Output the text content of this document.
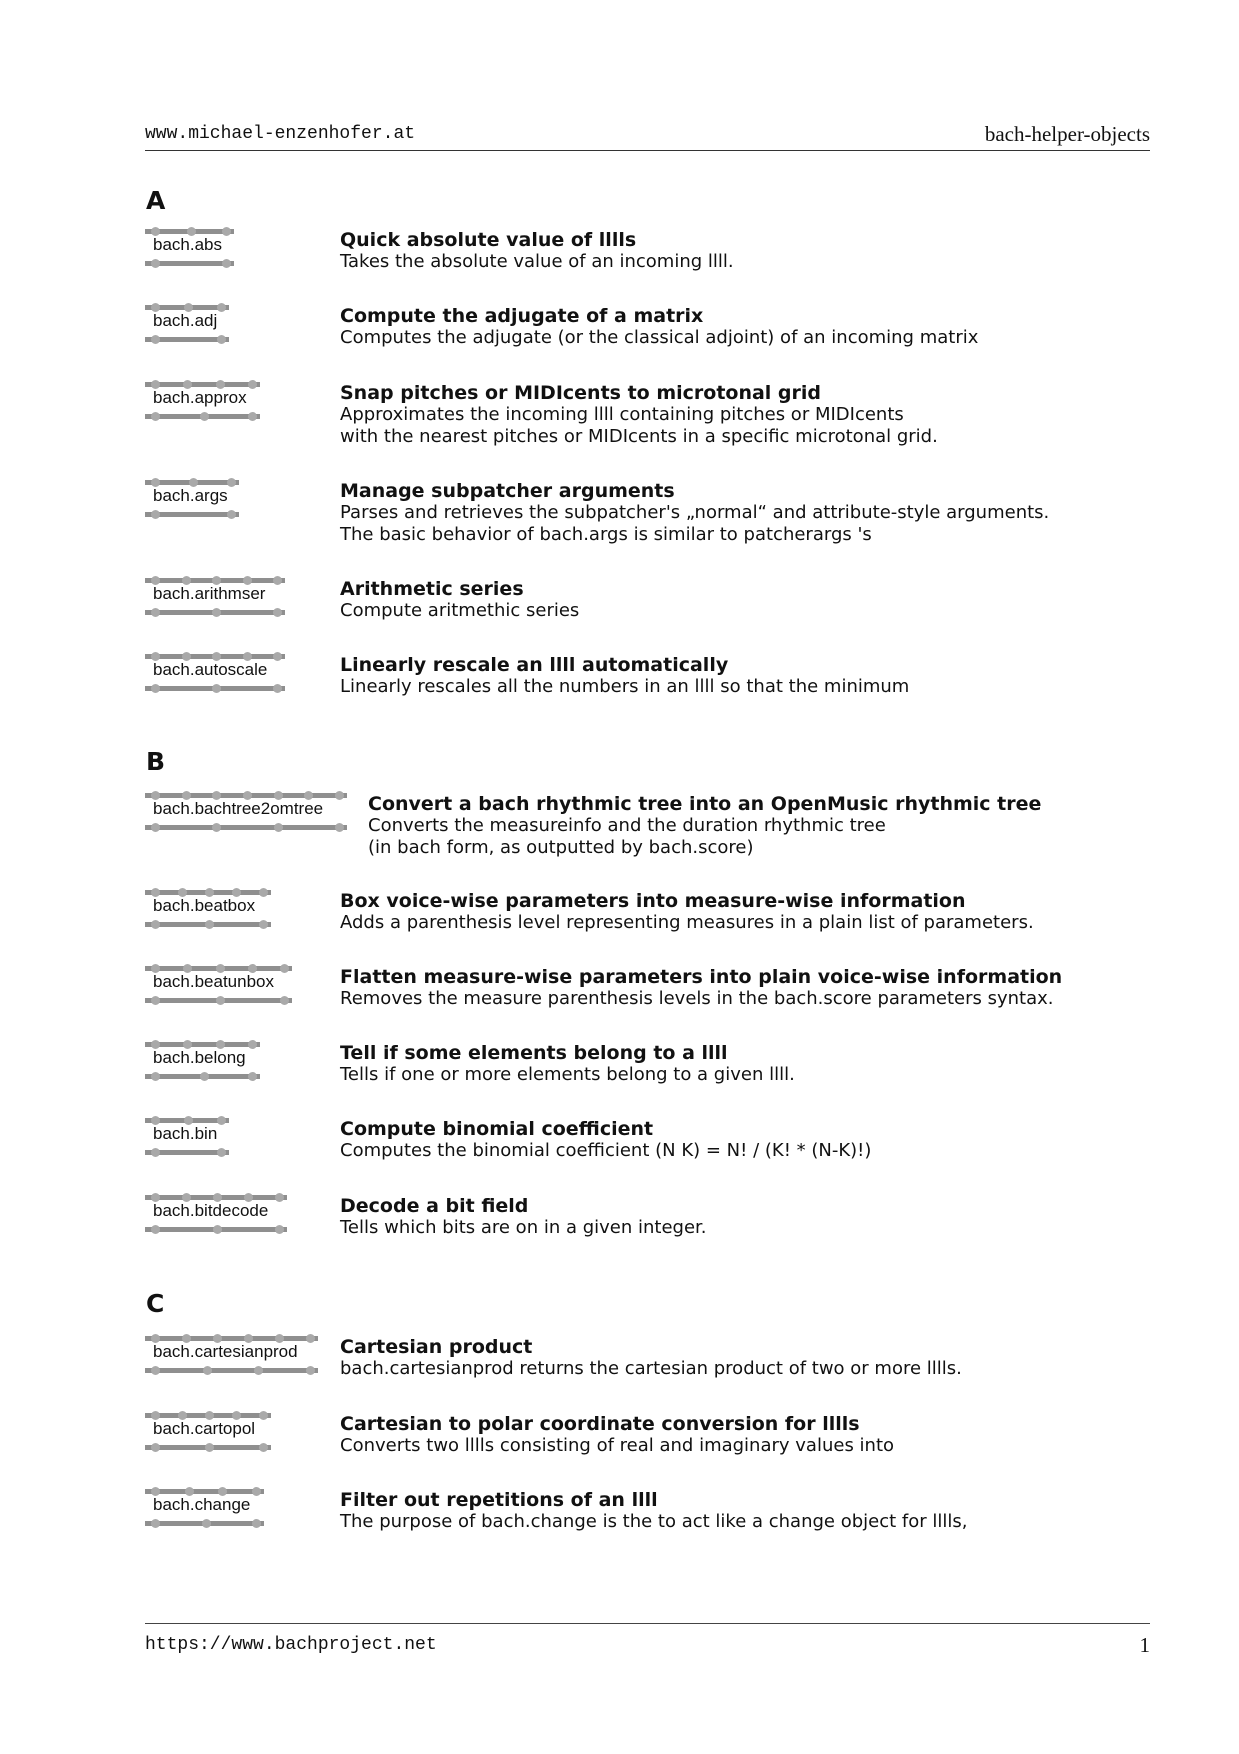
www.michael-enzenhofer.at	bach-helper-objects
A
bach.abs	Quick absolute value of lllls
Takes the absolute value of an incoming llll.
bach.adj	Compute the adjugate of a matrix
Computes the adjugate (or the classical adjoint) of an incoming matrix
bach.approx	Snap pitches or MIDIcents to microtonal grid
Approximates the incoming llll containing pitches or MIDIcents
with the nearest pitches or MIDIcents in a specific microtonal grid.
bach.args	Manage subpatcher arguments
Parses and retrieves the subpatcher's „normal“ and attribute-style arguments.
The basic behavior of bach.args is similar to patcherargs 's
bach.arithmser	Arithmetic series
Compute aritmethic series
bach.autoscale	Linearly rescale an llll automatically
Linearly rescales all the numbers in an llll so that the minimum
B
bach.bachtree2omtree Convert a bach rhythmic tree into an OpenMusic rhythmic tree
Converts the measureinfo and the duration rhythmic tree
(in bach form, as outputted by bach.score)
bach.beatbox	Box voice-wise parameters into measure-wise information
Adds a parenthesis level representing measures in a plain list of parameters.
bach.beatunbox	Flatten measure-wise parameters into plain voice-wise information
Removes the measure parenthesis levels in the bach.score parameters syntax.
bach.belong	Tell if some elements belong to a llll
Tells if one or more elements belong to a given llll.
bach.bin	Compute binomial coefficient
Computes the binomial coefficient (N K) = N! / (K! * (N-K)!)
bach.bitdecode	Decode a bit field
Tells which bits are on in a given integer.
C
bach.cartesianprod Cartesian product
bach.cartesianprod returns the cartesian product of two or more lllls.
bach.cartopol	Cartesian to polar coordinate conversion for lllls
Converts two lllls consisting of real and imaginary values into
bach.change	Filter out repetitions of an llll
The purpose of bach.change is the to act like a change object for lllls,
https://www.bachproject.net	1
